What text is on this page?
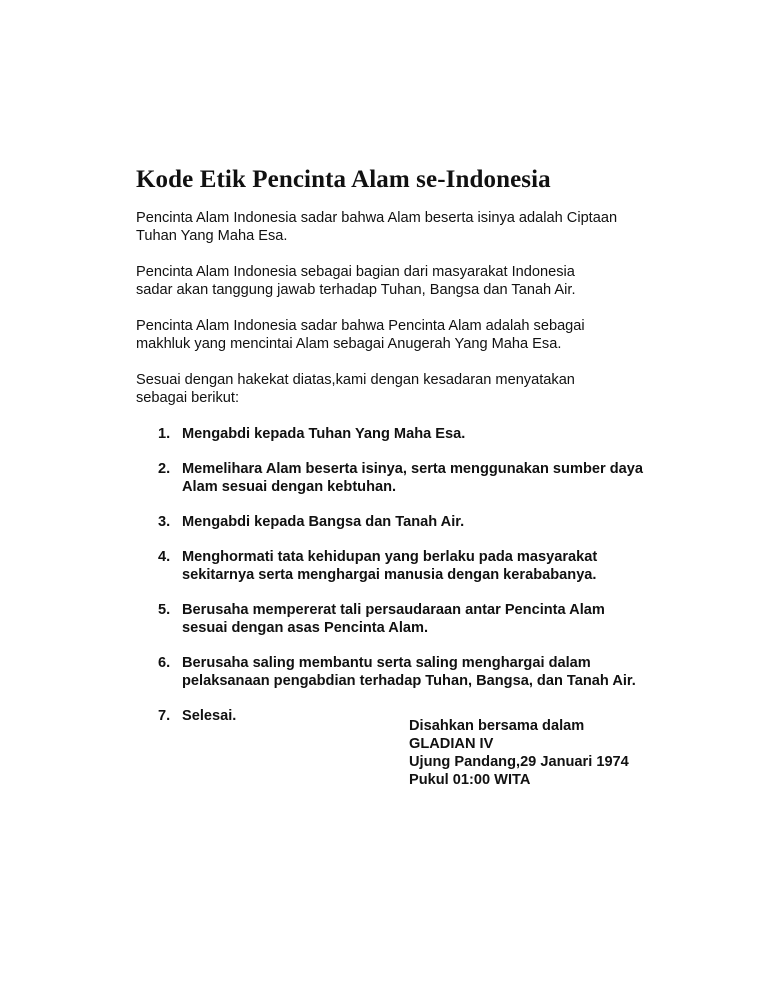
Kode Etik Pencinta Alam se-Indonesia
Pencinta Alam Indonesia sadar bahwa Alam beserta isinya adalah Ciptaan
Tuhan Yang Maha Esa.
Pencinta Alam Indonesia sebagai bagian dari masyarakat Indonesia
sadar akan tanggung jawab terhadap Tuhan, Bangsa dan Tanah Air.
Pencinta Alam Indonesia sadar bahwa Pencinta Alam adalah sebagai
makhluk yang mencintai Alam sebagai Anugerah Yang Maha Esa.
Sesuai dengan hakekat diatas,kami dengan kesadaran menyatakan
sebagai berikut:
1. Mengabdi kepada Tuhan Yang Maha Esa.
2. Memelihara Alam beserta isinya, serta menggunakan sumber daya
Alam sesuai dengan kebtuhan.
3. Mengabdi kepada Bangsa dan Tanah Air.
4. Menghormati tata kehidupan yang berlaku pada masyarakat
sekitarnya serta menghargai manusia dengan kerababanya.
5. Berusaha mempererat tali persaudaraan antar Pencinta Alam
sesuai dengan asas Pencinta Alam.
6. Berusaha saling membantu serta saling menghargai dalam
pelaksanaan pengabdian terhadap Tuhan, Bangsa, dan Tanah Air.
7. Selesai.
Disahkan bersama dalam
GLADIAN IV
Ujung Pandang,29 Januari 1974
Pukul 01:00 WITA
